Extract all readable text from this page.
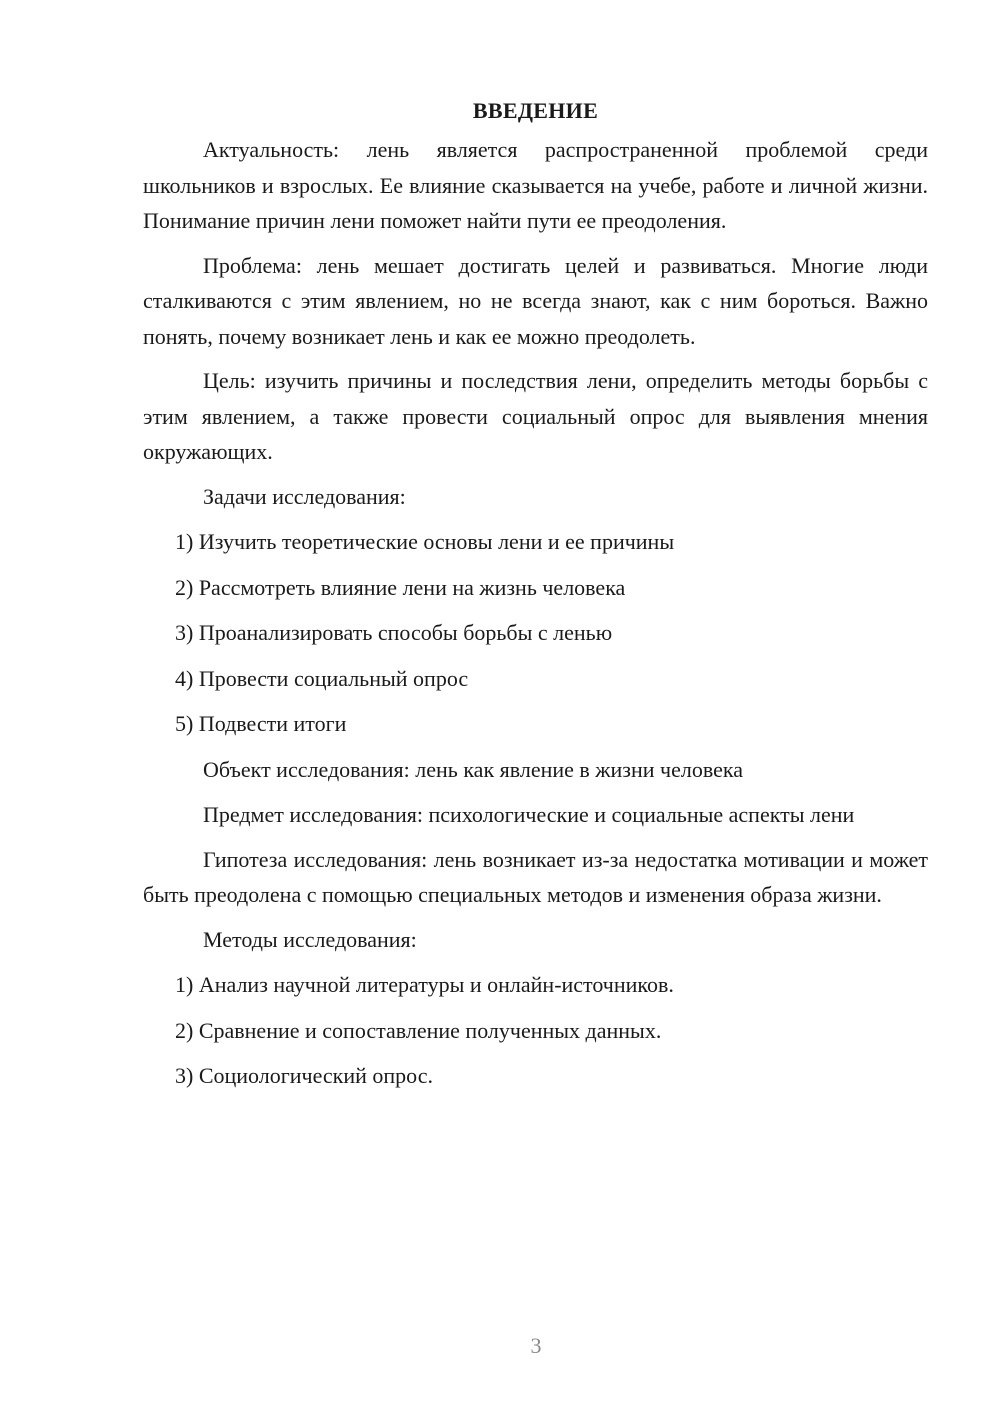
ВВЕДЕНИЕ

Актуальность: лень является распространенной проблемой среди школьников и взрослых. Ее влияние сказывается на учебе, работе и личной жизни. Понимание причин лени поможет найти пути ее преодоления.

Проблема: лень мешает достигать целей и развиваться. Многие люди сталкиваются с этим явлением, но не всегда знают, как с ним бороться. Важно понять, почему возникает лень и как ее можно преодолеть.

Цель: изучить причины и последствия лени, определить методы борьбы с этим явлением, а также провести социальный опрос для выявления мнения окружающих.

Задачи исследования:
1) Изучить теоретические основы лени и ее причины
2) Рассмотреть влияние лени на жизнь человека
3) Проанализировать способы борьбы с ленью
4) Провести социальный опрос
5) Подвести итоги
Объект исследования: лень как явление в жизни человека

Предмет исследования: психологические и социальные аспекты лени

Гипотеза исследования: лень возникает из-за недостатка мотивации и может быть преодолена с помощью специальных методов и изменения образа жизни.

Методы исследования:
1) Анализ научной литературы и онлайн-источников.
2) Сравнение и сопоставление полученных данных.
3) Социологический опрос.
3
